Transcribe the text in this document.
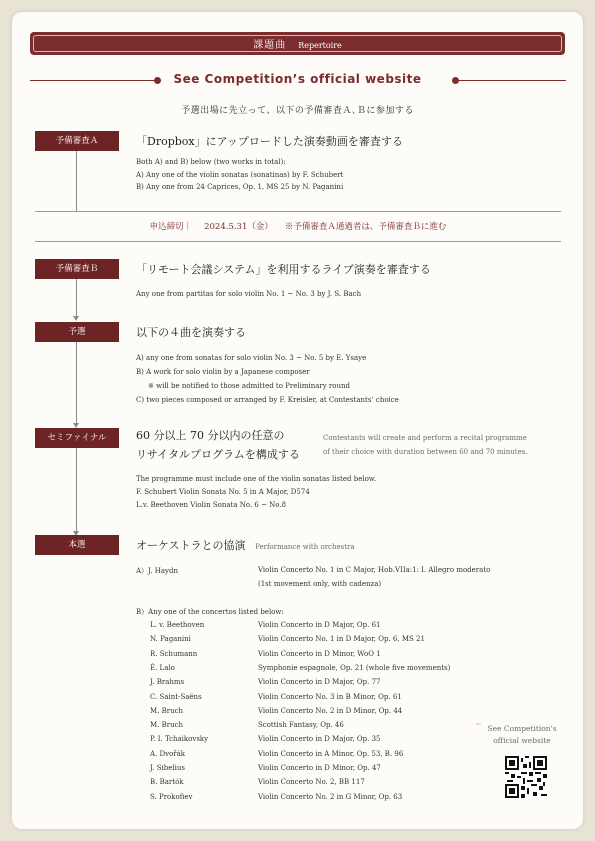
課題曲 Repertoire
See Competition’s official website
予選出場に先立って、以下の予備審査Ａ､Ｂに参加する
予備審査Ａ	「Dropbox」にアップロードした演奏動画を審査する
Both A) and B) below (two works in total):
A) Any one of the violin sonatas (sonatinas) by F. Schubert
B) Any one from 24 Caprices, Op. 1, MS 25 by N. Paganini
申込締切｜ 2024.5.31（金） ※予備審査Ａ通過者は、予備審査Ｂに進む
予備審査Ｂ	「リモート会議システム」を利用するライブ演奏を審査する
Any one from partitas for solo violin No. 1 ~ No. 3 by J. S. Bach
予選	以下の４曲を演奏する
A) any one from sonatas for solo violin No. 3 ~ No. 5 by E. Ysaye
B) A work for solo violin by a Japanese composer
※ will be notified to those admitted to Preliminary round
C) two pieces composed or arranged by F. Kreisler, at Contestants’ choice
セミファイナル	60 分以上 70 分以内の任意の
リサイタルプログラムを構成する
Contestants will create and perform a recital programme
of their choice with duration between 60 and 70 minutes.
The programme must include one of the violin sonatas listed below.
F. Schubert Violin Sonata No. 5 in A Major, D574
L.v. Beethoven Violin Sonata No. 6 ~ No.8
本選	オーケストラとの協演 Performance with orchestra
A）J. Haydn	Violin Concerto No. 1 in C Major, Hob.VIIa:1: I. Allegro moderato
(1st movement only, with cadenza)
B）Any one of the concertos listed below:
L. v. Beethoven	Violin Concerto in D Major, Op. 61
N. Paganini	Violin Concerto No. 1 in D Major, Op. 6, MS 21
R. Schumann	Violin Concerto in D Minor, WoO 1
É. Lalo	Symphonie espagnole, Op. 21 (whole five movements)
J. Brahms	Violin Concerto in D Major, Op. 77
C. Saint-Saëns	Violin Concerto No. 3 in B Minor, Op. 61
M. Bruch	Violin Concerto No. 2 in D Minor, Op. 44
M. Bruch	Scottish Fantasy, Op. 46
P. I. Tchaikovsky	Violin Concerto in D Major, Op. 35
A. Dvořák	Violin Concerto in A Minor, Op. 53, B. 96
J. Sibelius	Violin Concerto in D Minor, Op. 47
B. Bartók	Violin Concerto No. 2, BB 117
S. Prokofiev	Violin Concerto No. 2 in G Minor, Op. 63
˶˶
See Competition's
official website
